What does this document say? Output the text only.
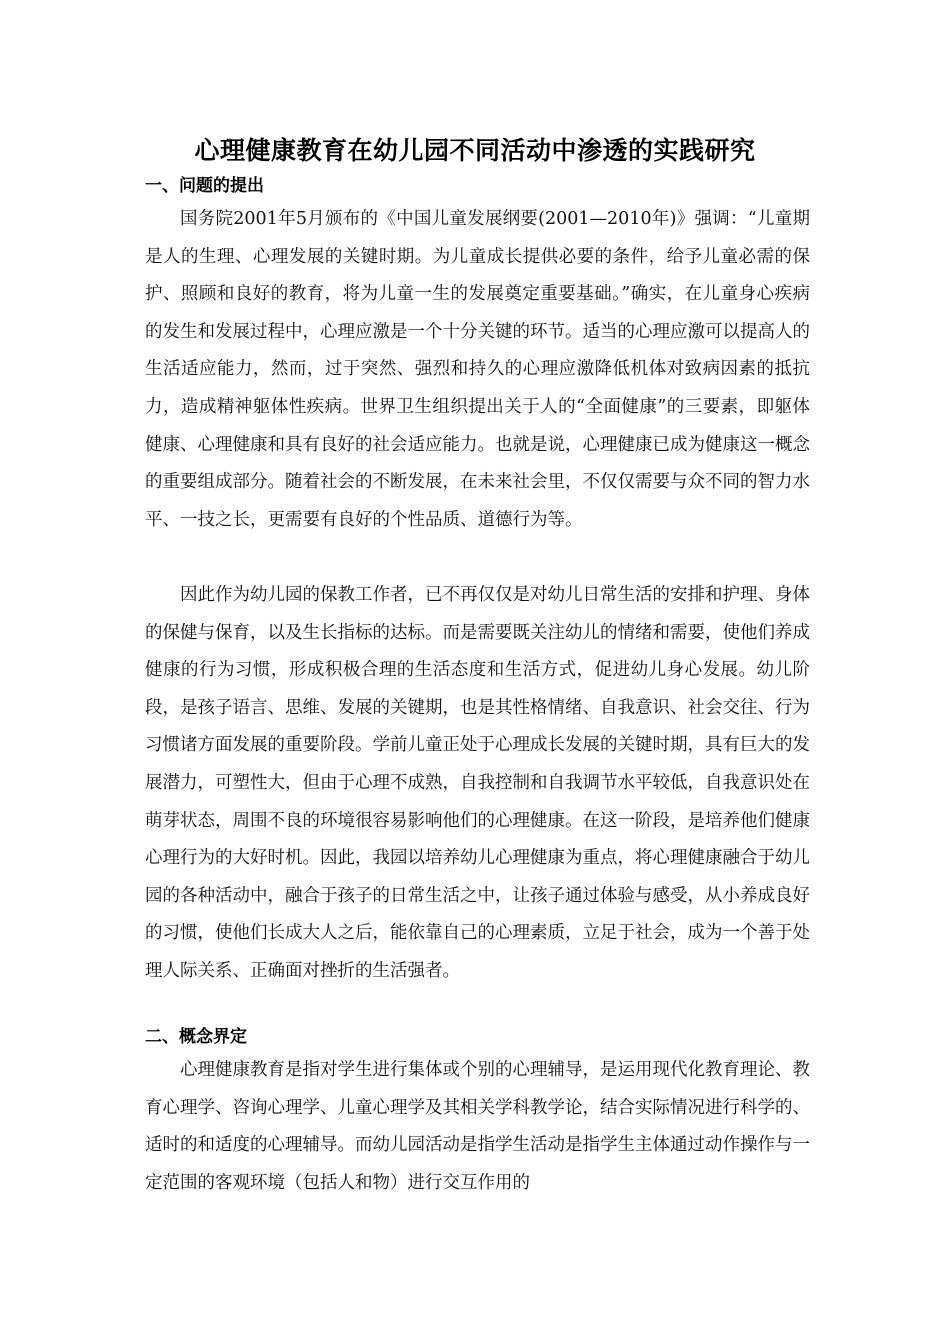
心理健康教育在幼儿园不同活动中渗透的实践研究
一、问题的提出

国务院2001年5月颁布的《中国儿童发展纲要(2001—2010年)》强调：“儿童期是人的生理、心理发展的关键时期。为儿童成长提供必要的条件，给予儿童必需的保护、照顾和良好的教育，将为儿童一生的发展奠定重要基础。”确实，在儿童身心疾病的发生和发展过程中，心理应激是一个十分关键的环节。适当的心理应激可以提高人的生活适应能力，然而，过于突然、强烈和持久的心理应激降低机体对致病因素的抵抗力，造成精神躯体性疾病。世界卫生组织提出关于人的“全面健康”的三要素，即躯体健康、心理健康和具有良好的社会适应能力。也就是说，心理健康已成为健康这一概念的重要组成部分。随着社会的不断发展，在未来社会里，不仅仅需要与众不同的智力水平、一技之长，更需要有良好的个性品质、道德行为等。

因此作为幼儿园的保教工作者，已不再仅仅是对幼儿日常生活的安排和护理、身体的保健与保育，以及生长指标的达标。而是需要既关注幼儿的情绪和需要，使他们养成健康的行为习惯，形成积极合理的生活态度和生活方式，促进幼儿身心发展。幼儿阶段，是孩子语言、思维、发展的关键期，也是其性格情绪、自我意识、社会交往、行为习惯诸方面发展的重要阶段。学前儿童正处于心理成长发展的关键时期，具有巨大的发展潜力，可塑性大，但由于心理不成熟，自我控制和自我调节水平较低，自我意识处在萌芽状态，周围不良的环境很容易影响他们的心理健康。在这一阶段，是培养他们健康心理行为的大好时机。因此，我园以培养幼儿心理健康为重点，将心理健康融合于幼儿园的各种活动中，融合于孩子的日常生活之中，让孩子通过体验与感受，从小养成良好的习惯，使他们长成大人之后，能依靠自己的心理素质，立足于社会，成为一个善于处理人际关系、正确面对挫折的生活强者。

二、概念界定

心理健康教育是指对学生进行集体或个别的心理辅导，是运用现代化教育理论、教育心理学、咨询心理学、儿童心理学及其相关学科教学论，结合实际情况进行科学的、适时的和适度的心理辅导。而幼儿园活动是指学生活动是指学生主体通过动作操作与一定范围的客观环境（包括人和物）进行交互作用的
